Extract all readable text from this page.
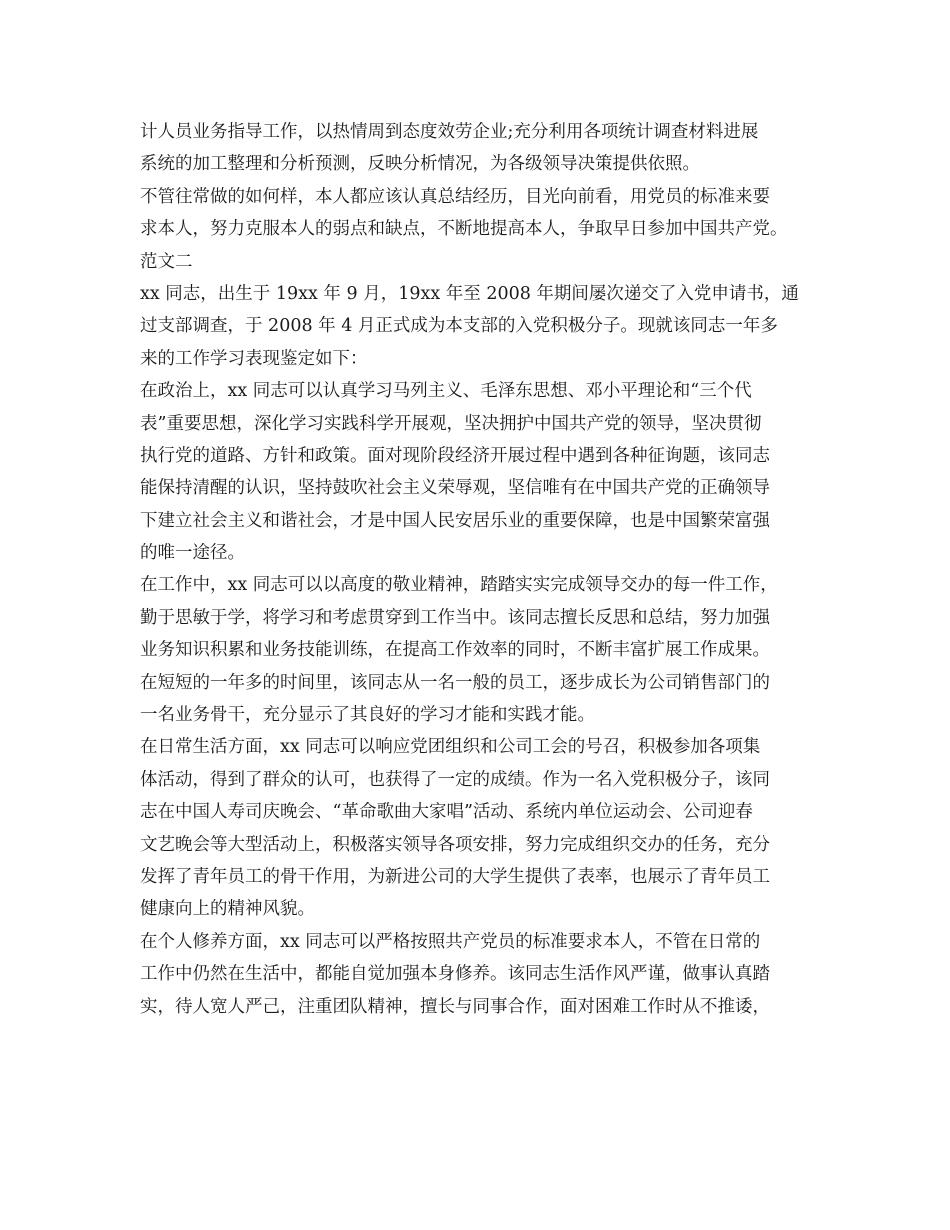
计人员业务指导工作，以热情周到态度效劳企业;充分利用各项统计调查材料进展
系统的加工整理和分析预测，反映分析情况，为各级领导决策提供依照。
不管往常做的如何样，本人都应该认真总结经历，目光向前看，用党员的标准来要
求本人，努力克服本人的弱点和缺点，不断地提高本人，争取早日参加中国共产党。
范文二
xx 同志，出生于 19xx 年 9 月，19xx 年至 2008 年期间屡次递交了入党申请书，通
过支部调查，于 2008 年 4 月正式成为本支部的入党积极分子。现就该同志一年多
来的工作学习表现鉴定如下：
在政治上，xx 同志可以认真学习马列主义、毛泽东思想、邓小平理论和“三个代
表”重要思想，深化学习实践科学开展观，坚决拥护中国共产党的领导，坚决贯彻
执行党的道路、方针和政策。面对现阶段经济开展过程中遇到各种征询题，该同志
能保持清醒的认识，坚持鼓吹社会主义荣辱观，坚信唯有在中国共产党的正确领导
下建立社会主义和谐社会，才是中国人民安居乐业的重要保障，也是中国繁荣富强
的唯一途径。
在工作中，xx 同志可以以高度的敬业精神，踏踏实实完成领导交办的每一件工作，
勤于思敏于学，将学习和考虑贯穿到工作当中。该同志擅长反思和总结，努力加强
业务知识积累和业务技能训练，在提高工作效率的同时，不断丰富扩展工作成果。
在短短的一年多的时间里，该同志从一名一般的员工，逐步成长为公司销售部门的
一名业务骨干，充分显示了其良好的学习才能和实践才能。
在日常生活方面，xx 同志可以响应党团组织和公司工会的号召，积极参加各项集
体活动，得到了群众的认可，也获得了一定的成绩。作为一名入党积极分子，该同
志在中国人寿司庆晚会、“革命歌曲大家唱”活动、系统内单位运动会、公司迎春
文艺晚会等大型活动上，积极落实领导各项安排，努力完成组织交办的任务，充分
发挥了青年员工的骨干作用，为新进公司的大学生提供了表率，也展示了青年员工
健康向上的精神风貌。
在个人修养方面，xx 同志可以严格按照共产党员的标准要求本人，不管在日常的
工作中仍然在生活中，都能自觉加强本身修养。该同志生活作风严谨，做事认真踏
实，待人宽人严己，注重团队精神，擅长与同事合作，面对困难工作时从不推诿，
